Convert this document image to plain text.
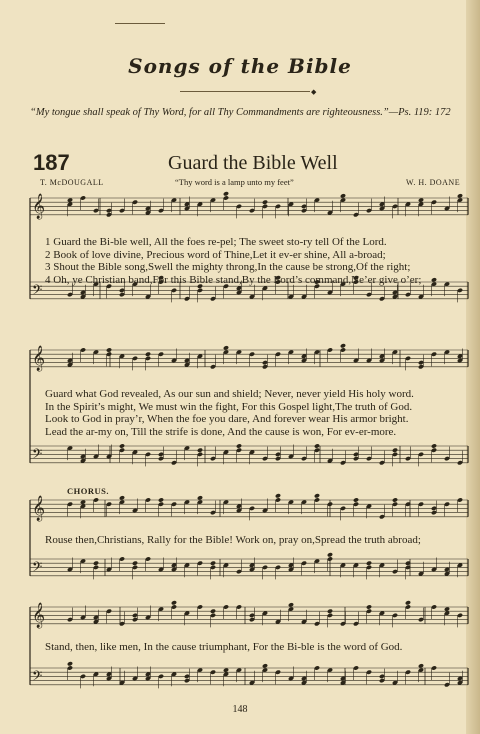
Songs of the Bible
◆
“My tongue shall speak of Thy Word, for all Thy Commandments are righteousness.”—Ps. 119: 172
187	Guard the Bible Well
T. McDOUGALL	“Thy word is a lamp unto my feet”	W. H. DOANE
𝄞
𝄢
𝄞
𝄢
𝄞
𝄢
𝄞
𝄢
1 Guard the Bi-ble well, All the foes re-pel; The sweet sto-ry tell Of the Lord.
2 Book of love divine, Precious word of Thine,Let it ev-er shine, All a-broad;
3 Shout the Bible song,Swell the mighty throng,In the cause be strong,Of the right;
4 Oh, ye Christian band,For this Bible stand,By the Lord’s command,Ne’er give o’er;
Guard what God revealed, As our sun and shield; Never, never yield His holy word.
In the Spirit’s might, We must win the fight, For this Gospel light,The truth of God.
Look to God in pray’r, When the foe you dare, And forever wear His armor bright.
Lead the ar-my on, Till the strife is done, And the cause is won, For ev-er-more.
CHORUS.
Rouse then,Christians, Rally for the Bible! Work on, pray on,Spread the truth abroad;
Stand, then, like men, In the cause triumphant, For the Bi-ble is the word of God.
148
